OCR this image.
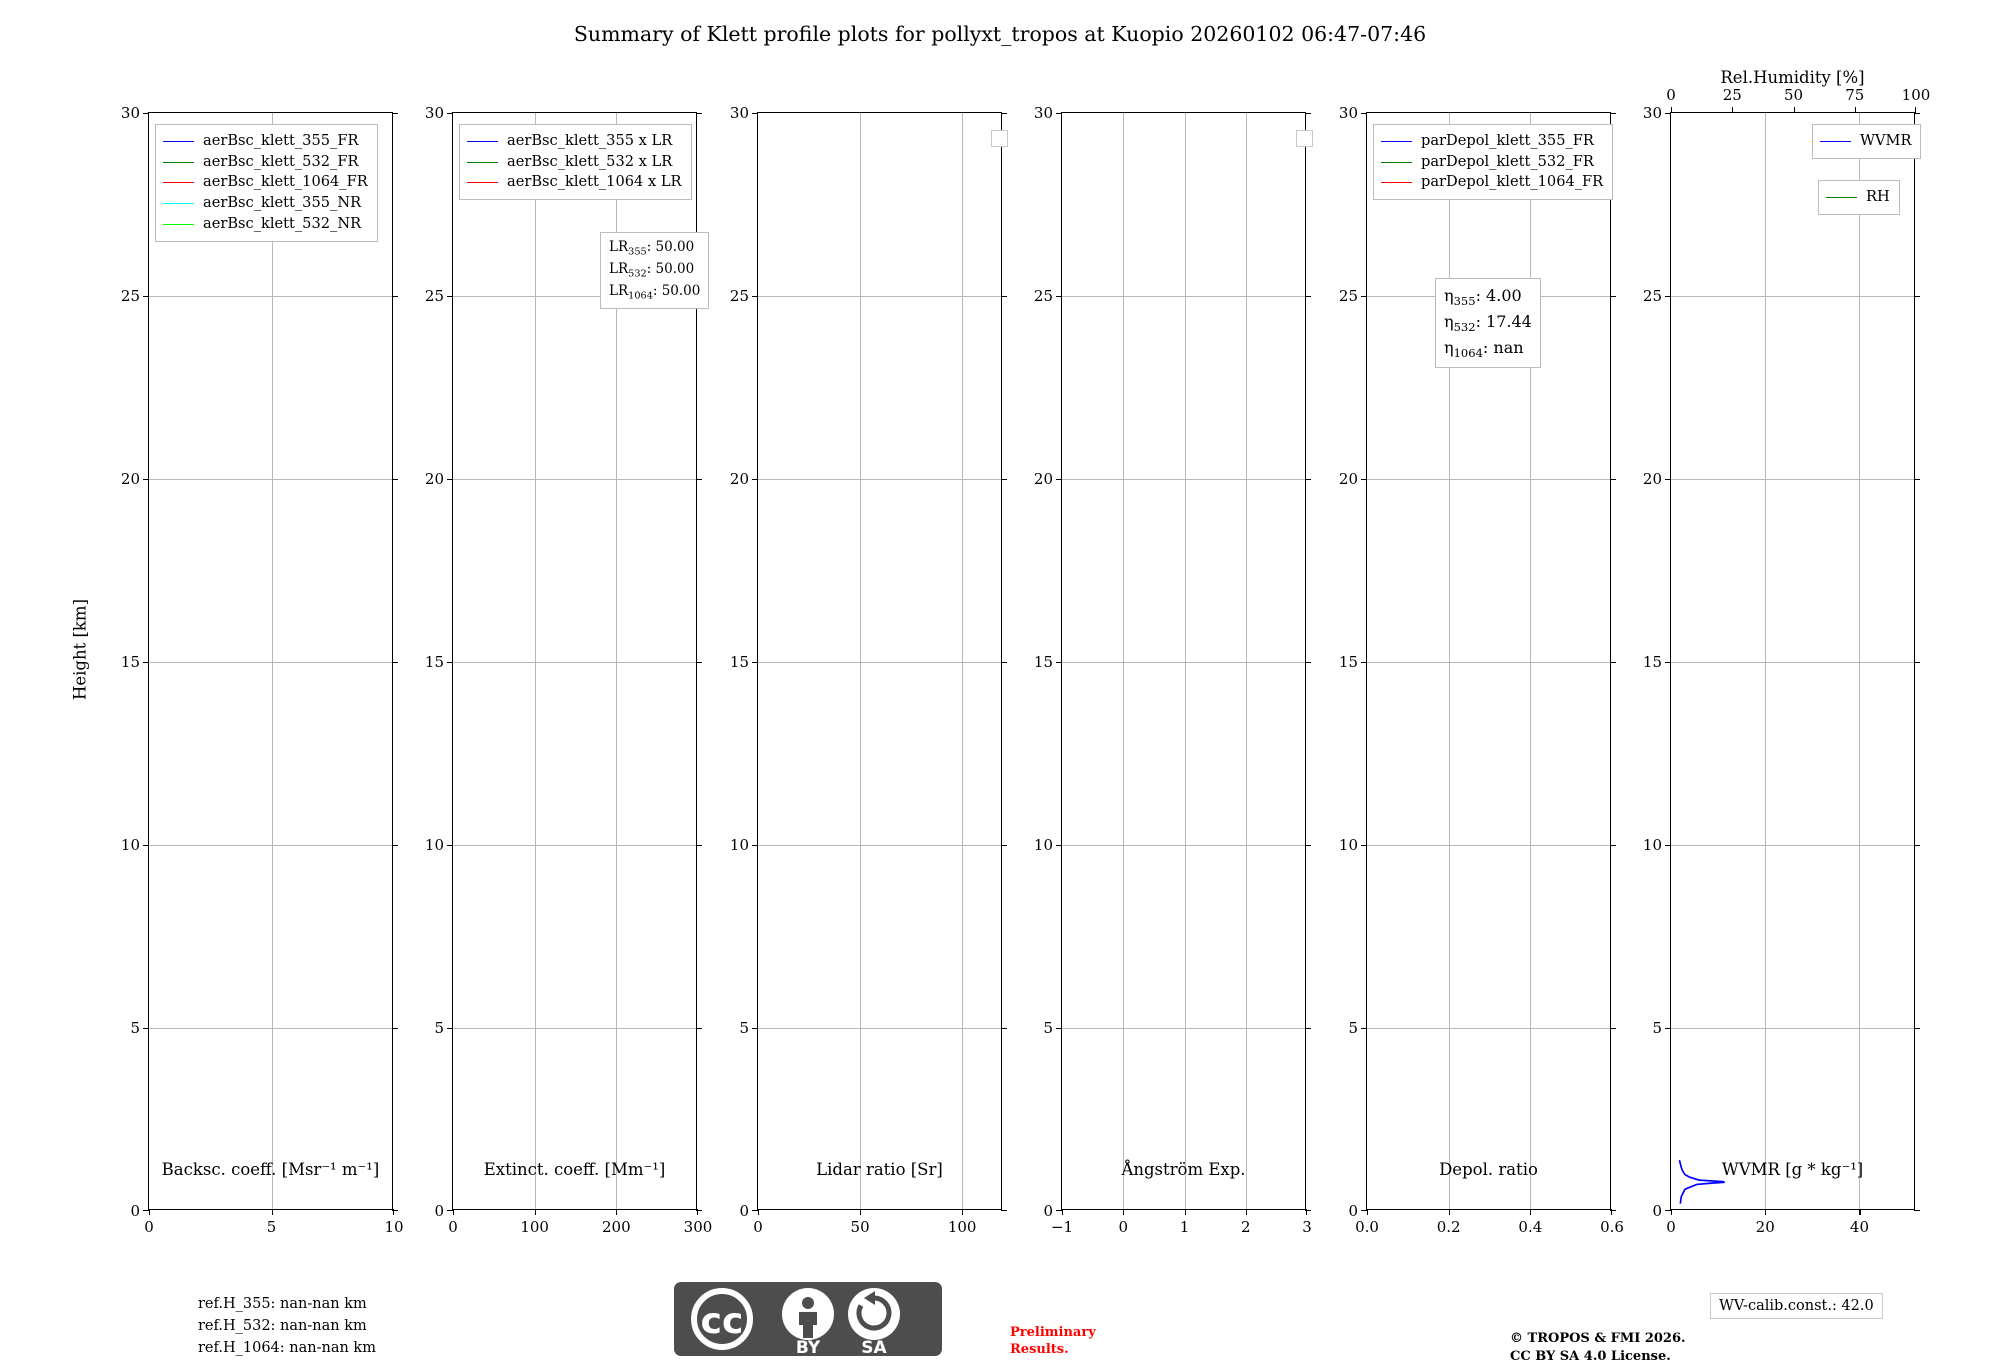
Summary of Klett profile plots for pollyxt_tropos at Kuopio 20260102 06:47-07:46
Height [km]
0
5
10
15
20
25
30
0	5	10
0
5
10
15
20
25
30
0	100	200	300
0
5
10
15
20
25
30
0	50	100
0
5
10
15
20
25
30
−1	0	1	2	3
0
5
10
15
20
25
30
0.0	0.2	0.4	0.6
0
5
10
15
20
25
30
0	20	40
0	25	50	75 100
aerBsc_klett_355_FR
aerBsc_klett_532_FR
aerBsc_klett_1064_FR
aerBsc_klett_355_NR
aerBsc_klett_532_NR
aerBsc_klett_355 x LR
aerBsc_klett_532 x LR
aerBsc_klett_1064 x LR
parDepol_klett_355_FR
parDepol_klett_532_FR
parDepol_klett_1064_FR
WVMR
RH
$LR_{355}$: 50.00
$LR_{532}$: 50.00
$LR_{1064}$: 50.00	$\eta_{355}$: 4.00
$\eta_{532}$: 17.44
$\eta_{1064}$: nan
ref.H_355: nan-nan km
ref.H_532: nan-nan km
ref.H_1064: nan-nan km
Preliminary
Results.
© TROPOS & FMI 2026.
CC BY SA 4.0 License.
WV-calib.const.: 42.0
cc
BY SA
Backsc. coeff. [Msr⁻¹ m⁻¹]	Extinct. coeff. [Mm⁻¹]	Lidar ratio [Sr]	Ångström Exp.	Depol. ratio
Rel.Humidity [%]
WVMR [g * kg⁻¹]
